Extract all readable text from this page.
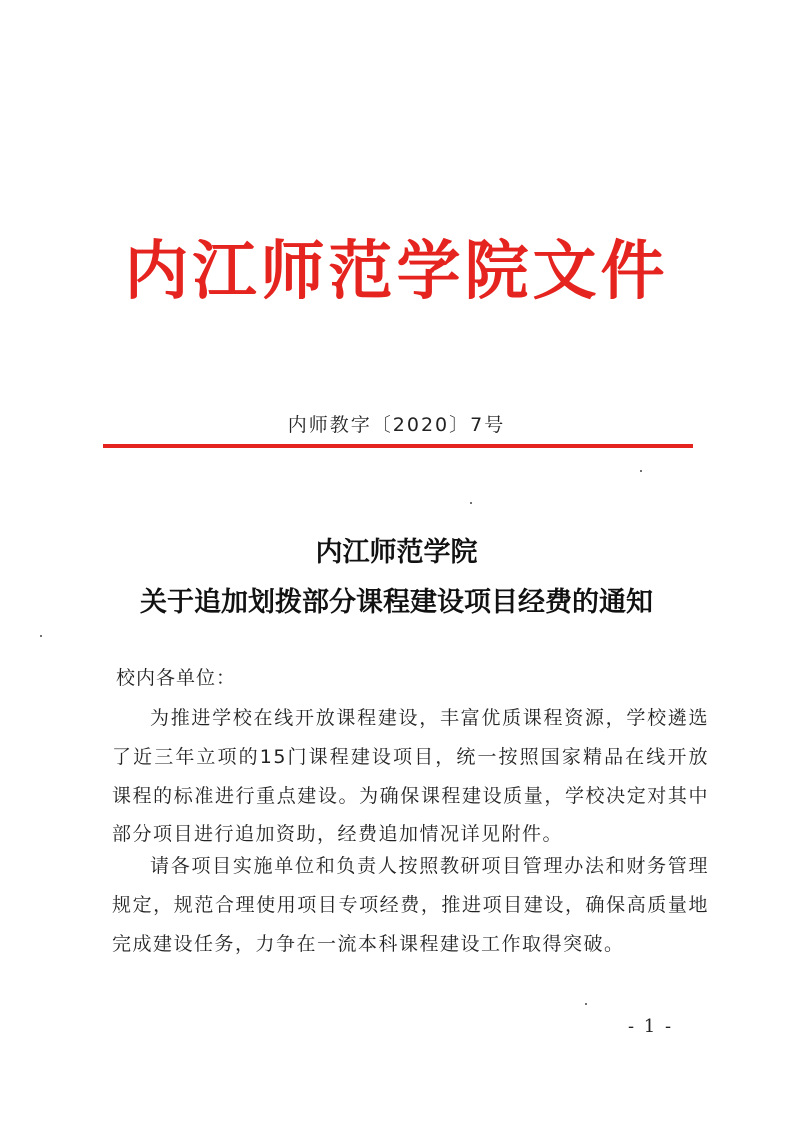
内江师范学院文件
内师教字〔2020〕7号
内江师范学院
关于追加划拨部分课程建设项目经费的通知
校内各单位：
为推进学校在线开放课程建设，丰富优质课程资源，学校遴选了近三年立项的15门课程建设项目，统一按照国家精品在线开放课程的标准进行重点建设。为确保课程建设质量，学校决定对其中部分项目进行追加资助，经费追加情况详见附件。
请各项目实施单位和负责人按照教研项目管理办法和财务管理规定，规范合理使用项目专项经费，推进项目建设，确保高质量地完成建设任务，力争在一流本科课程建设工作取得突破。
- 1 -
